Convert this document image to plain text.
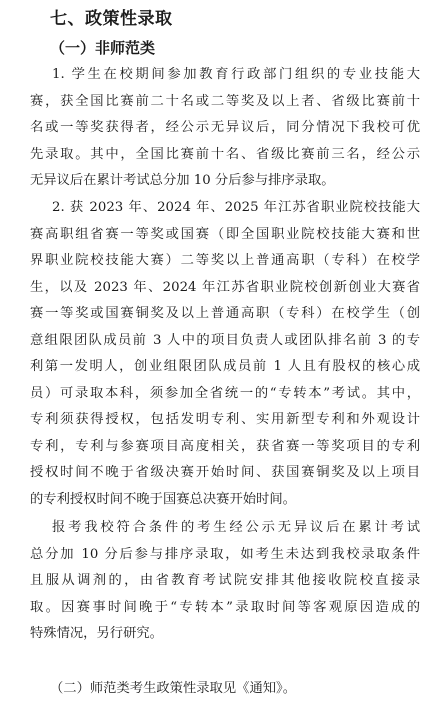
七、政策性录取
（一）非师范类
1. 学生在校期间参加教育行政部门组织的专业技能大
赛，获全国比赛前二十名或二等奖及以上者、省级比赛前十
名或一等奖获得者，经公示无异议后，同分情况下我校可优
先录取。其中，全国比赛前十名、省级比赛前三名，经公示
无异议后在累计考试总分加 10 分后参与排序录取。
2. 获 2023 年、2024 年、2025 年江苏省职业院校技能大
赛高职组省赛一等奖或国赛（即全国职业院校技能大赛和世
界职业院校技能大赛）二等奖以上普通高职（专科）在校学
生，以及 2023 年、2024 年江苏省职业院校创新创业大赛省
赛一等奖或国赛铜奖及以上普通高职（专科）在校学生（创
意组限团队成员前 3 人中的项目负责人或团队排名前 3 的专
利第一发明人，创业组限团队成员前 1 人且有股权的核心成
员）可录取本科，须参加全省统一的“专转本”考试。其中，
专利须获得授权，包括发明专利、实用新型专利和外观设计
专利，专利与参赛项目高度相关，获省赛一等奖项目的专利
授权时间不晚于省级决赛开始时间、获国赛铜奖及以上项目
的专利授权时间不晚于国赛总决赛开始时间。
报考我校符合条件的考生经公示无异议后在累计考试
总分加 10 分后参与排序录取，如考生未达到我校录取条件
且服从调剂的，由省教育考试院安排其他接收院校直接录
取。因赛事时间晚于“专转本”录取时间等客观原因造成的
特殊情况，另行研究。
（二）师范类考生政策性录取见《通知》。
